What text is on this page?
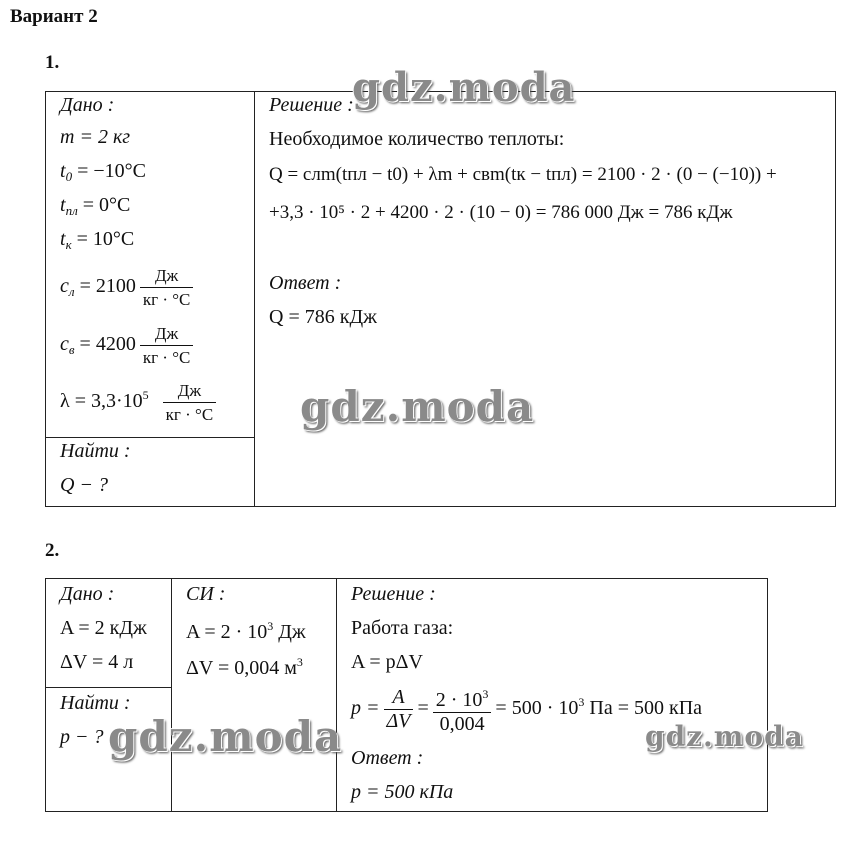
Вариант 2
1.
Дано :
m = 2 кг
$t_0 = -10^\circ C$
$t_{пл} = 0^\circ C$
$t_к = 10^\circ C$
$c_л = 2100 \frac{Дж}{кг \cdot ^\circ C}$
$c_в = 4200 \frac{Дж}{кг \cdot ^\circ C}$
$\lambda = 3,3\cdot 10^5 \frac{Дж}{кг \cdot ^\circ C}$

Решение :
Необходимое количество теплоты:
Q = cлm(tпл − t0) + λm + cвm(tк − tпл) = 2100 · 2 · (0 − (−10)) +
+3,3 · 10⁵ · 2 + 4200 · 2 · (10 − 0) = 786 000 Дж = 786 кДж
Ответ :
Q = 786 кДж

Найти :
Q − ?
2.
Дано :
A = 2 кДж
ΔV = 4 л

СИ :
$A = 2 \cdot 10^3$ Дж
ΔV = 0,004 $м^3$

Решение :
Работа газа:
A = pΔV
$p = \frac{A}{\Delta V} = \frac{2 \cdot 10^3}{0,004} = 500 \cdot 10^3$ Па = 500 кПа
Ответ :
p = 500 кПа

Найти :
p − ?
gdz.moda
gdz.moda
gdz.moda	gdz.moda
